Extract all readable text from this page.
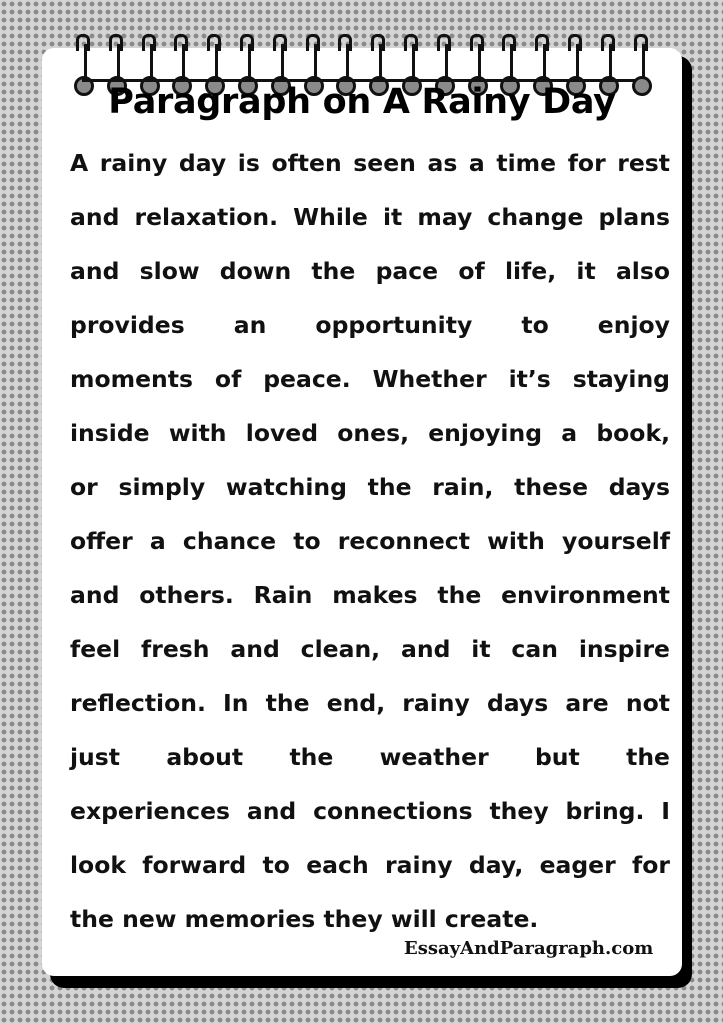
Paragraph on A Rainy Day
A rainy day is often seen as a time for rest
and relaxation. While it may change plans
and slow down the pace of life, it also
provides an opportunity to enjoy
moments of peace. Whether it’s staying
inside with loved ones, enjoying a book,
or simply watching the rain, these days
offer a chance to reconnect with yourself
and others. Rain makes the environment
feel fresh and clean, and it can inspire
reflection. In the end, rainy days are not
just about the weather but the
experiences and connections they bring. I
look forward to each rainy day, eager for
the new memories they will create.
EssayAndParagraph.com
